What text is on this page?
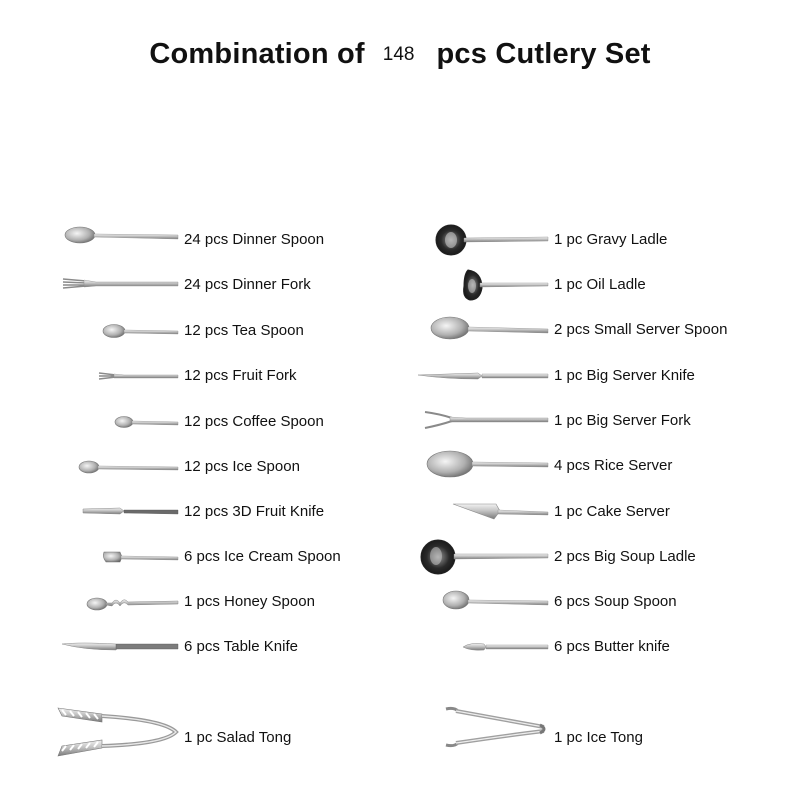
Combination of 148 pcs Cutlery Set
24 pcs Dinner Spoon
24 pcs Dinner Fork
12 pcs Tea Spoon
12 pcs Fruit Fork
12 pcs Coffee Spoon
12 pcs Ice Spoon
12 pcs 3D Fruit Knife
6 pcs Ice Cream Spoon
1 pcs Honey Spoon
6 pcs Table Knife
1 pc Salad Tong
1 pc Gravy Ladle
1 pc Oil Ladle
2 pcs Small Server Spoon
1 pc Big Server Knife
1 pc Big Server Fork
4 pcs Rice Server
1 pc Cake Server
2 pcs Big Soup Ladle
6 pcs Soup Spoon
6 pcs Butter knife
1 pc Ice Tong
